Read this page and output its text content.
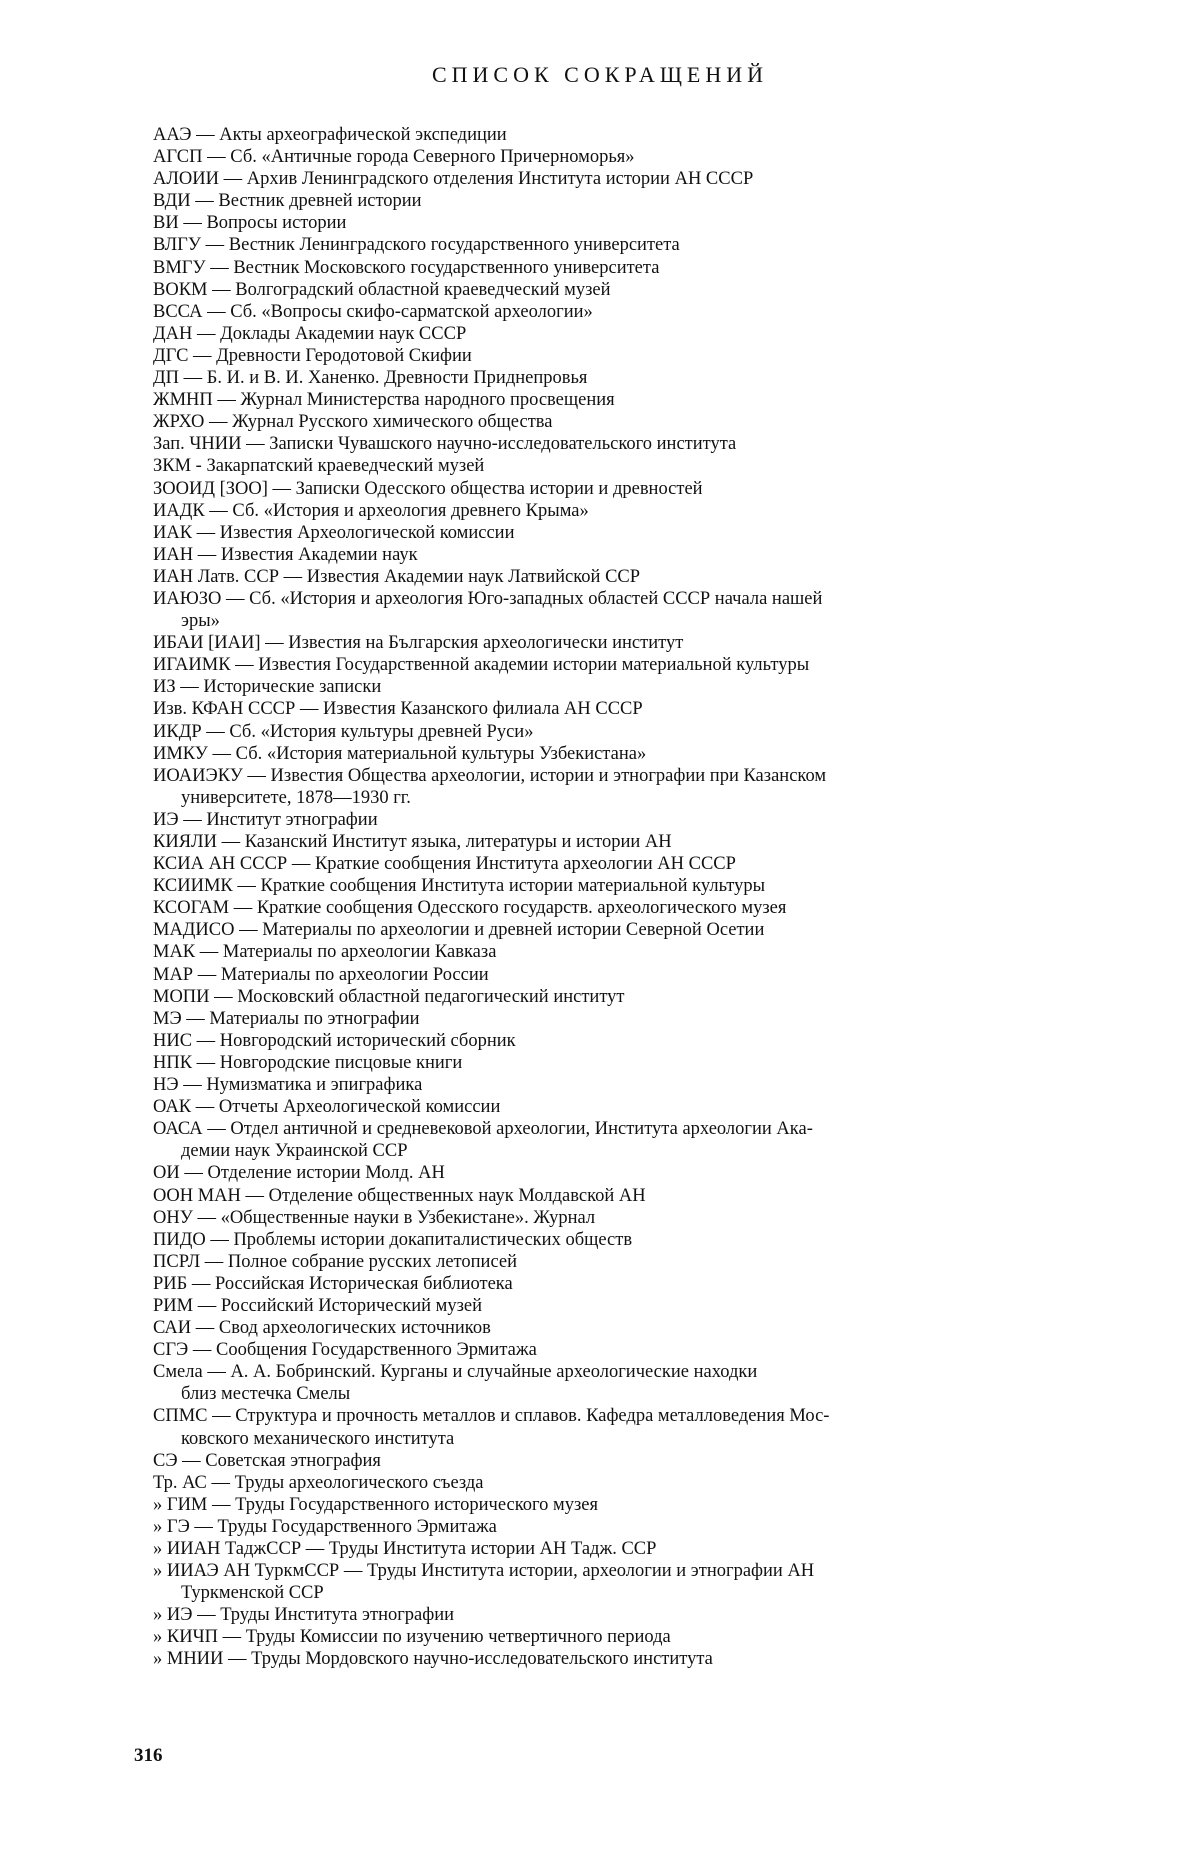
СПИСОК СОКРАЩЕНИЙ
ААЭ — Акты археографической экспедиции
АГСП — Сб. «Античные города Северного Причерноморья»
АЛОИИ — Архив Ленинградского отделения Института истории АН СССР
ВДИ — Вестник древней истории
ВИ — Вопросы истории
ВЛГУ — Вестник Ленинградского государственного университета
ВМГУ — Вестник Московского государственного университета
ВОКМ — Волгоградский областной краеведческий музей
ВССА — Сб. «Вопросы скифо-сарматской археологии»
ДАН — Доклады Академии наук СССР
ДГС — Древности Геродотовой Скифии
ДП — Б. И. и В. И. Ханенко. Древности Приднепровья
ЖМНП — Журнал Министерства народного просвещения
ЖРХО — Журнал Русского химического общества
Зап. ЧНИИ — Записки Чувашского научно-исследовательского института
ЗКМ - Закарпатский краеведческий музей
ЗООИД [ЗОО] — Записки Одесского общества истории и древностей
ИАДК — Сб. «История и археология древнего Крыма»
ИАК — Известия Археологической комиссии
ИАН — Известия Академии наук
ИАН Латв. ССР — Известия Академии наук Латвийской ССР
ИАЮЗО — Сб. «История и археология Юго-западных областей СССР начала нашей
эры»
ИБАИ [ИАИ] — Известия на Българския археологически институт
ИГАИМК — Известия Государственной академии истории материальной культуры
ИЗ — Исторические записки
Изв. КФАН СССР — Известия Казанского филиала АН СССР
ИКДР — Сб. «История культуры древней Руси»
ИМКУ — Сб. «История материальной культуры Узбекистана»
ИОАИЭКУ — Известия Общества археологии, истории и этнографии при Казанском
университете, 1878—1930 гг.
ИЭ — Институт этнографии
КИЯЛИ — Казанский Институт языка, литературы и истории АН
КСИА АН СССР — Краткие сообщения Института археологии АН СССР
КСИИМК — Краткие сообщения Института истории материальной культуры
КСОГАМ — Краткие сообщения Одесского государств. археологического музея
МАДИСО — Материалы по археологии и древней истории Северной Осетии
МАК — Материалы по археологии Кавказа
МАР — Материалы по археологии России
МОПИ — Московский областной педагогический институт
МЭ — Материалы по этнографии
НИС — Новгородский исторический сборник
НПК — Новгородские писцовые книги
НЭ — Нумизматика и эпиграфика
ОАК — Отчеты Археологической комиссии
ОАСА — Отдел античной и средневековой археологии, Института археологии Ака-
демии наук Украинской ССР
ОИ — Отделение истории Молд. АН
ООН МАН — Отделение общественных наук Молдавской АН
ОНУ — «Общественные науки в Узбекистане». Журнал
ПИДО — Проблемы истории докапиталистических обществ
ПСРЛ — Полное собрание русских летописей
РИБ — Российская Историческая библиотека
РИМ — Российский Исторический музей
САИ — Свод археологических источников
СГЭ — Сообщения Государственного Эрмитажа
Смела — А. А. Бобринский. Курганы и случайные археологические находки
близ местечка Смелы
СПМС — Структура и прочность металлов и сплавов. Кафедра металловедения Мос-
ковского механического института
СЭ — Советская этнография
Тр. АС — Труды археологического съезда
» ГИМ — Труды Государственного исторического музея
» ГЭ — Труды Государственного Эрмитажа
» ИИАН ТаджССР — Труды Института истории АН Тадж. ССР
» ИИАЭ АН ТуркмССР — Труды Института истории, археологии и этнографии АН
Туркменской ССР
» ИЭ — Труды Института этнографии
» КИЧП — Труды Комиссии по изучению четвертичного периода
» МНИИ — Труды Мордовского научно-исследовательского института
316
